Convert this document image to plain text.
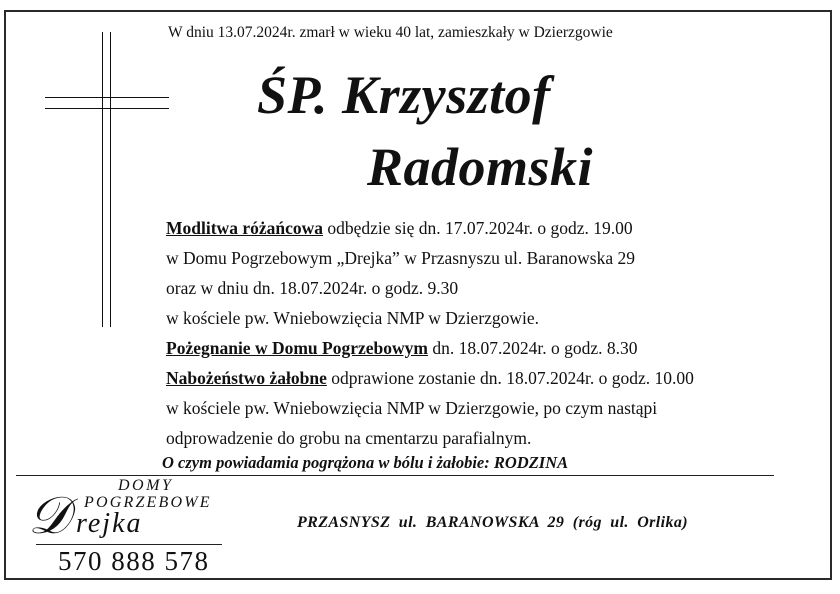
W dniu 13.07.2024r. zmarł w wieku 40 lat, zamieszkały w Dzierzgowie
ŚP. Krzysztof
Radomski
Modlitwa różańcowa odbędzie się dn. 17.07.2024r. o godz. 19.00
w Domu Pogrzebowym „Drejka” w Przasnyszu ul. Baranowska 29
oraz w dniu dn. 18.07.2024r. o godz. 9.30
w kościele pw. Wniebowzięcia NMP w Dzierzgowie.
Pożegnanie w Domu Pogrzebowym dn. 18.07.2024r. o godz. 8.30
Nabożeństwo żałobne odprawione zostanie dn. 18.07.2024r. o godz. 10.00
w kościele pw. Wniebowzięcia NMP w Dzierzgowie, po czym nastąpi
odprowadzenie do grobu na cmentarzu parafialnym.
O czym powiadamia pogrążona w bólu i żałobie: RODZINA
DOMY
POGRZEBOWE
𝒟 rejka
570 888 578
PRZASNYSZ ul. BARANOWSKA 29 (róg ul. Orlika)
